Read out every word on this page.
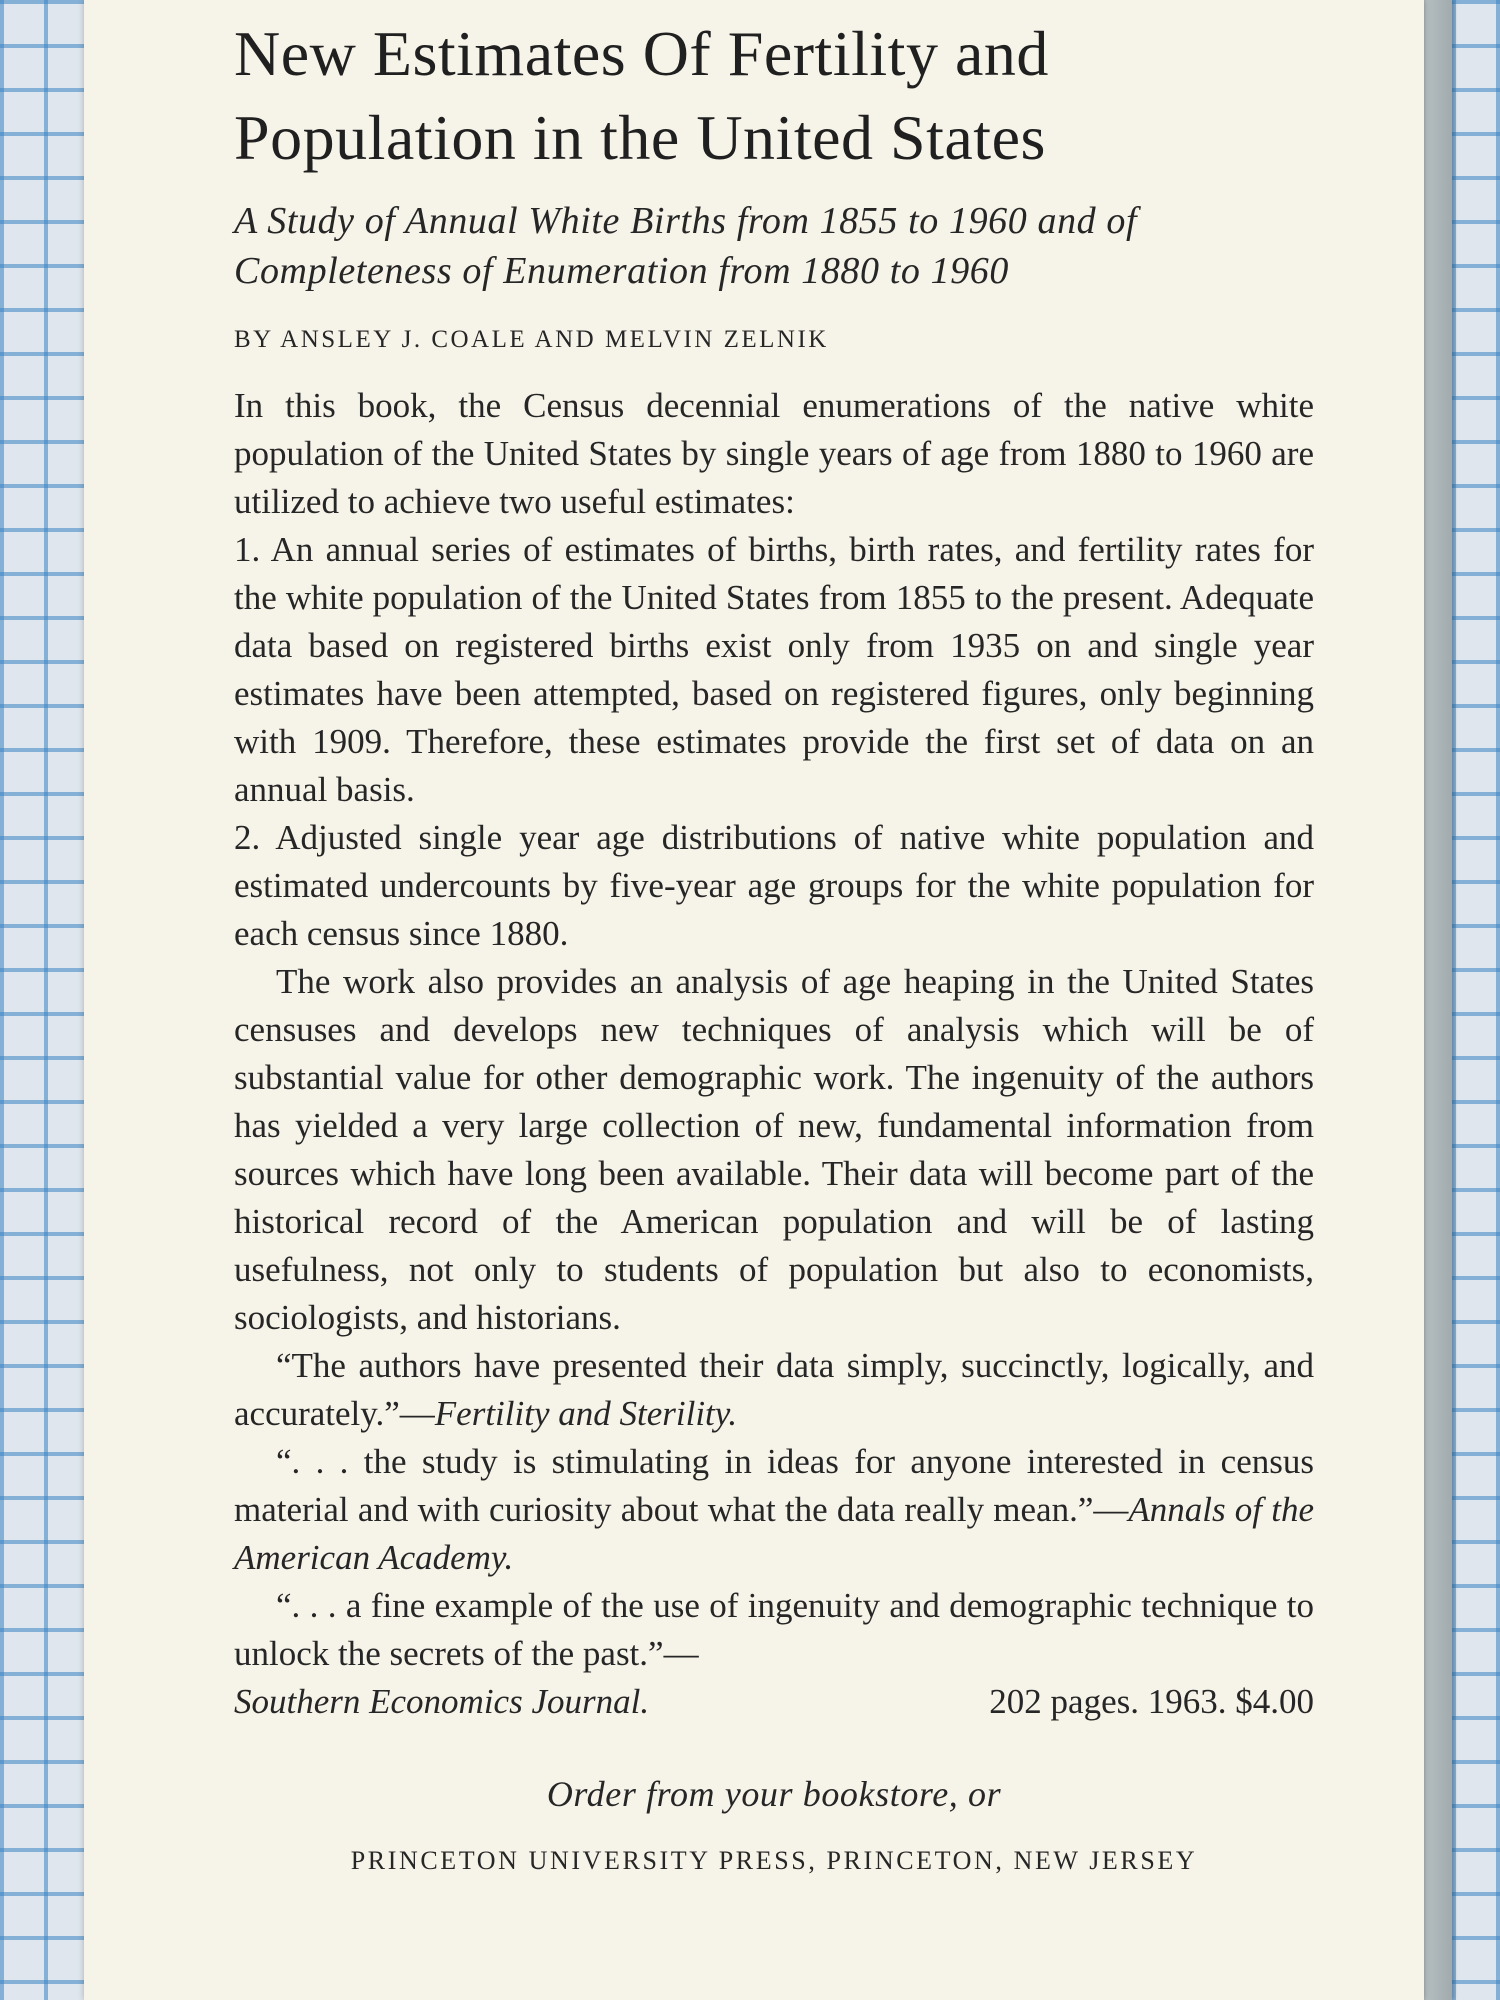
New Estimates Of Fertility and
Population in the United States
A Study of Annual White Births from 1855 to 1960 and of
Completeness of Enumeration from 1880 to 1960
BY ANSLEY J. COALE AND MELVIN ZELNIK

In this book, the Census decennial enumerations of the native white population of the United States by single years of age from 1880 to 1960 are utilized to achieve two useful estimates:

1. An annual series of estimates of births, birth rates, and fertility rates for the white population of the United States from 1855 to the present. Adequate data based on registered births exist only from 1935 on and single year estimates have been attempted, based on registered figures, only beginning with 1909. Therefore, these estimates provide the first set of data on an annual basis.

2. Adjusted single year age distributions of native white population and estimated undercounts by five-year age groups for the white population for each census since 1880.

The work also provides an analysis of age heaping in the United States censuses and develops new techniques of analysis which will be of substantial value for other demographic work. The ingenuity of the authors has yielded a very large collection of new, fundamental information from sources which have long been available. Their data will become part of the historical record of the American population and will be of lasting usefulness, not only to students of population but also to economists, sociologists, and historians.

“The authors have presented their data simply, succinctly, logically, and accurately.”—Fertility and Sterility.

“. . . the study is stimulating in ideas for anyone interested in census material and with curiosity about what the data really mean.”—Annals of the American Academy.

“. . . a fine example of the use of ingenuity and demographic technique to unlock the secrets of the past.”—

Southern Economics Journal.	202 pages. 1963. $4.00
Order from your bookstore, or
PRINCETON UNIVERSITY PRESS, PRINCETON, NEW JERSEY
